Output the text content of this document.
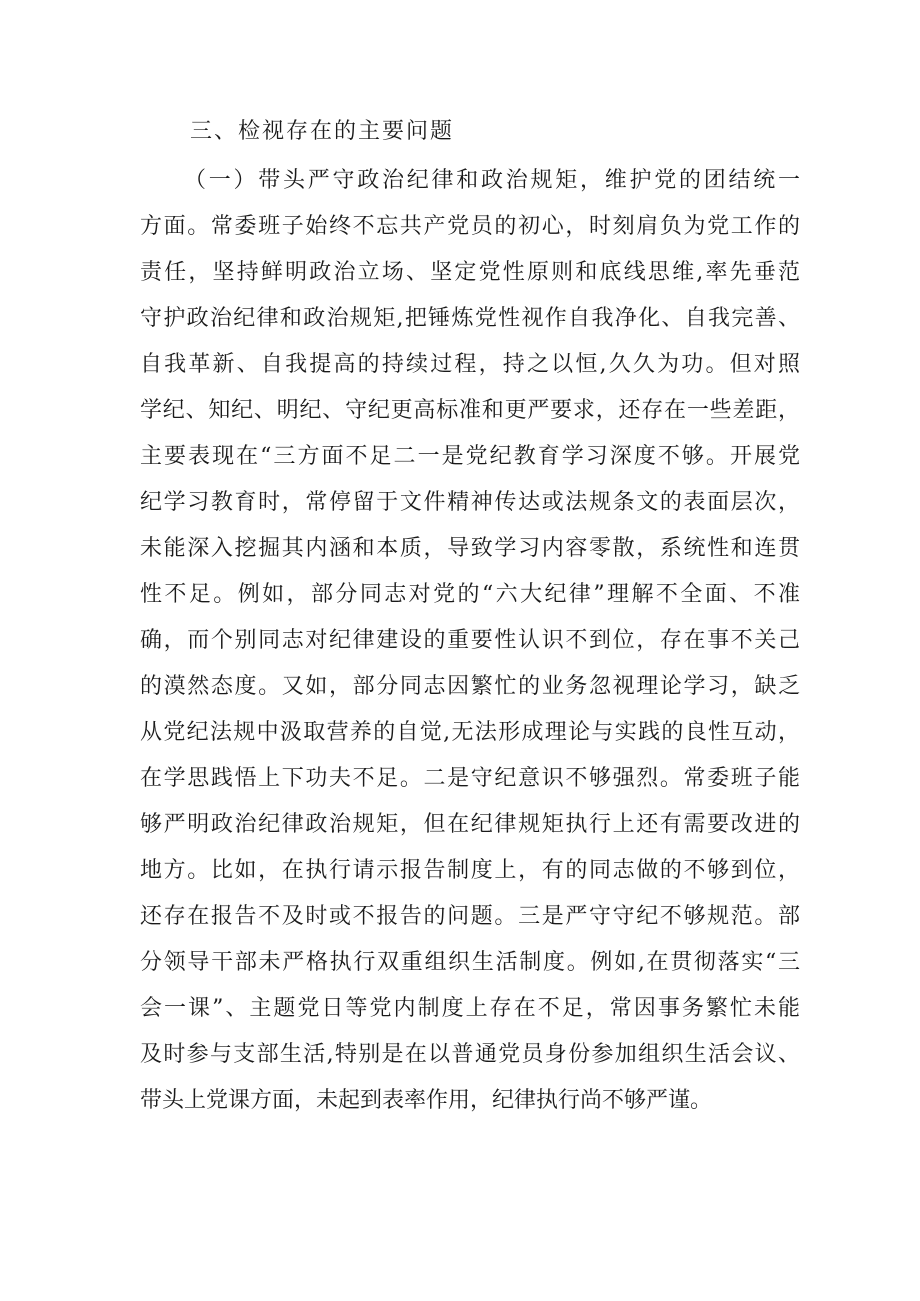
三、检视存在的主要问题
（一）带头严守政治纪律和政治规矩，维护党的团结统一
方面。常委班子始终不忘共产党员的初心，时刻肩负为党工作的
责任，坚持鲜明政治立场、坚定党性原则和底线思维,率先垂范
守护政治纪律和政治规矩,把锤炼党性视作自我净化、自我完善、
自我革新、自我提高的持续过程，持之以恒,久久为功。但对照
学纪、知纪、明纪、守纪更高标准和更严要求，还存在一些差距，
主要表现在“三方面不足二一是党纪教育学习深度不够。开展党
纪学习教育时，常停留于文件精神传达或法规条文的表面层次，
未能深入挖掘其内涵和本质，导致学习内容零散，系统性和连贯
性不足。例如，部分同志对党的“六大纪律”理解不全面、不准
确，而个别同志对纪律建设的重要性认识不到位，存在事不关己
的漠然态度。又如，部分同志因繁忙的业务忽视理论学习，缺乏
从党纪法规中汲取营养的自觉,无法形成理论与实践的良性互动，
在学思践悟上下功夫不足。二是守纪意识不够强烈。常委班子能
够严明政治纪律政治规矩，但在纪律规矩执行上还有需要改进的
地方。比如，在执行请示报告制度上，有的同志做的不够到位，
还存在报告不及时或不报告的问题。三是严守守纪不够规范。部
分领导干部未严格执行双重组织生活制度。例如,在贯彻落实“三
会一课”、主题党日等党内制度上存在不足，常因事务繁忙未能
及时参与支部生活,特别是在以普通党员身份参加组织生活会议、
带头上党课方面，未起到表率作用，纪律执行尚不够严谨。
